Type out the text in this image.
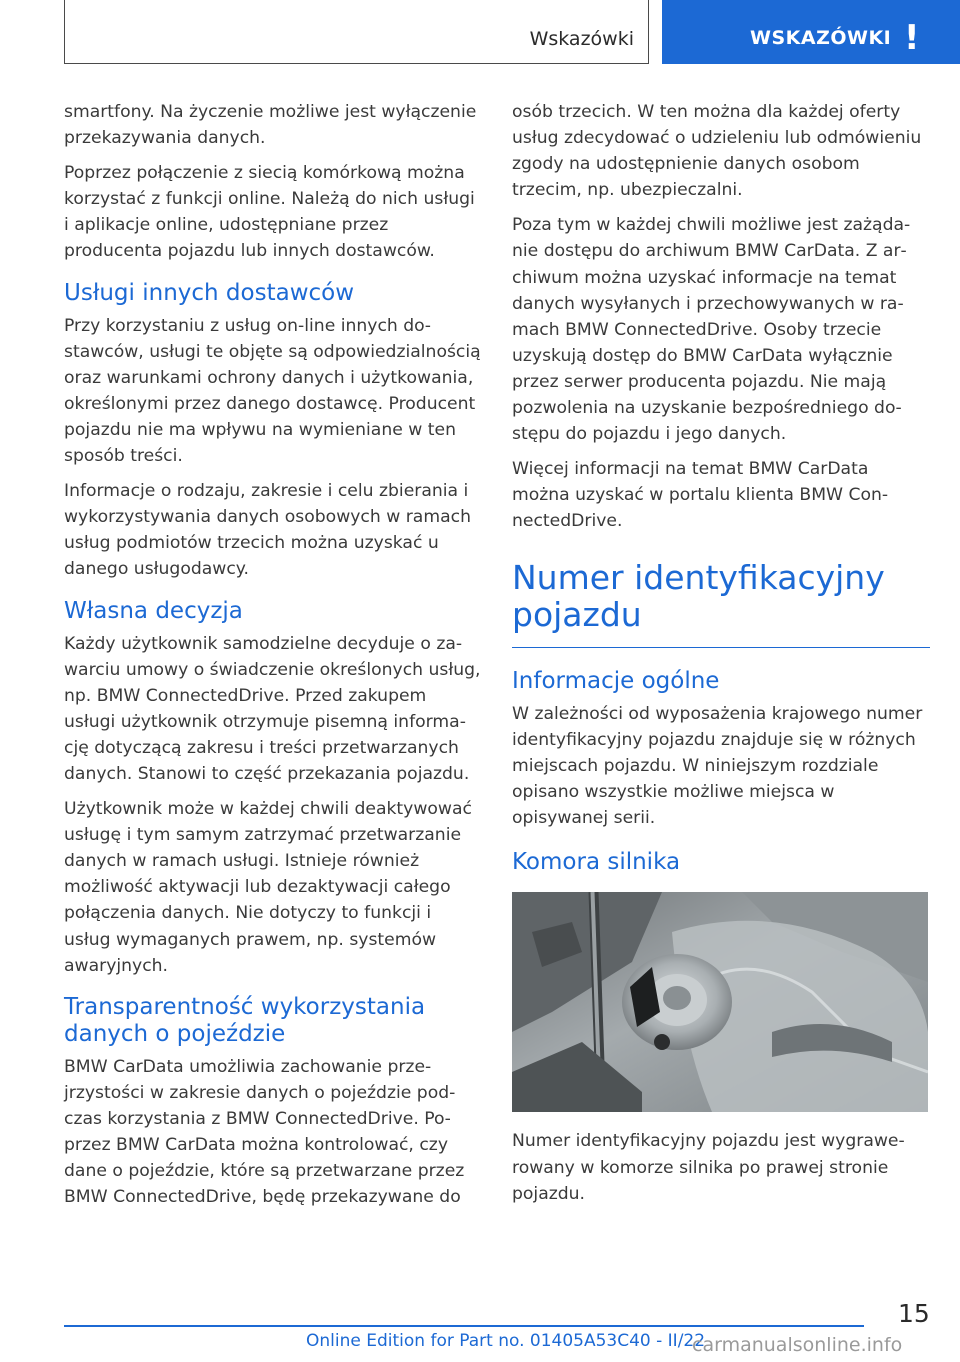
Wskazówki	WSKAZÓWKI !

smartfony. Na życzenie możliwe jest wyłączenie przekazywania danych.

Poprzez połączenie z siecią komórkową można korzystać z funkcji online. Należą do nich usługi i aplikacje online, udostępniane przez producenta pojazdu lub innych dostawców.

Usługi innych dostawców

Przy korzystaniu z usług on-line innych dostawców, usługi te objęte są odpowiedzialnością oraz warunkami ochrony danych i użytkowania, określonymi przez danego dostawcę. Producent pojazdu nie ma wpływu na wymieniane w ten sposób treści.

Informacje o rodzaju, zakresie i celu zbierania i wykorzystywania danych osobowych w ramach usług podmiotów trzecich można uzyskać u danego usługodawcy.

Własna decyzja

Każdy użytkownik samodzielne decyduje o zawarciu umowy o świadczenie określonych usług, np. BMW ConnectedDrive. Przed zakupem usługi użytkownik otrzymuje pisemną informację dotyczącą zakresu i treści przetwarzanych danych. Stanowi to część przekazania pojazdu.

Użytkownik może w każdej chwili deaktywować usługę i tym samym zatrzymać przetwarzanie danych w ramach usługi. Istnieje również możliwość aktywacji lub dezaktywacji całego połączenia danych. Nie dotyczy to funkcji i usług wymaganych prawem, np. systemów awaryjnych.

Transparentność wykorzystania danych o pojeździe

BMW CarData umożliwia zachowanie przejrzystości w zakresie danych o pojeździe podczas korzystania z BMW ConnectedDrive. Poprzez BMW CarData można kontrolować, czy dane o pojeździe, które są przetwarzane przez BMW ConnectedDrive, będę przekazywane do

osób trzecich. W ten można dla każdej oferty usług zdecydować o udzieleniu lub odmówieniu zgody na udostępnienie danych osobom trzecim, np. ubezpieczalni.

Poza tym w każdej chwili możliwe jest zażądanie dostępu do archiwum BMW CarData. Z archiwum można uzyskać informacje na temat danych wysyłanych i przechowywanych w ramach BMW ConnectedDrive. Osoby trzecie uzyskują dostęp do BMW CarData wyłącznie przez serwer producenta pojazdu. Nie mają pozwolenia na uzyskanie bezpośredniego dostępu do pojazdu i jego danych.

Więcej informacji na temat BMW CarData można uzyskać w portalu klienta BMW ConnectedDrive.

Numer identyfikacyjny pojazdu
Informacje ogólne

W zależności od wyposażenia krajowego numer identyfikacyjny pojazdu znajduje się w różnych miejscach pojazdu. W niniejszym rozdziale opisano wszystkie możliwe miejsca w opisywanej serii.

Komora silnika

Numer identyfikacyjny pojazdu jest wygrawerowany w komorze silnika po prawej stronie pojazdu.

15
Online Edition for Part no. 01405A53C40 - II/22
carmanualsonline.info
